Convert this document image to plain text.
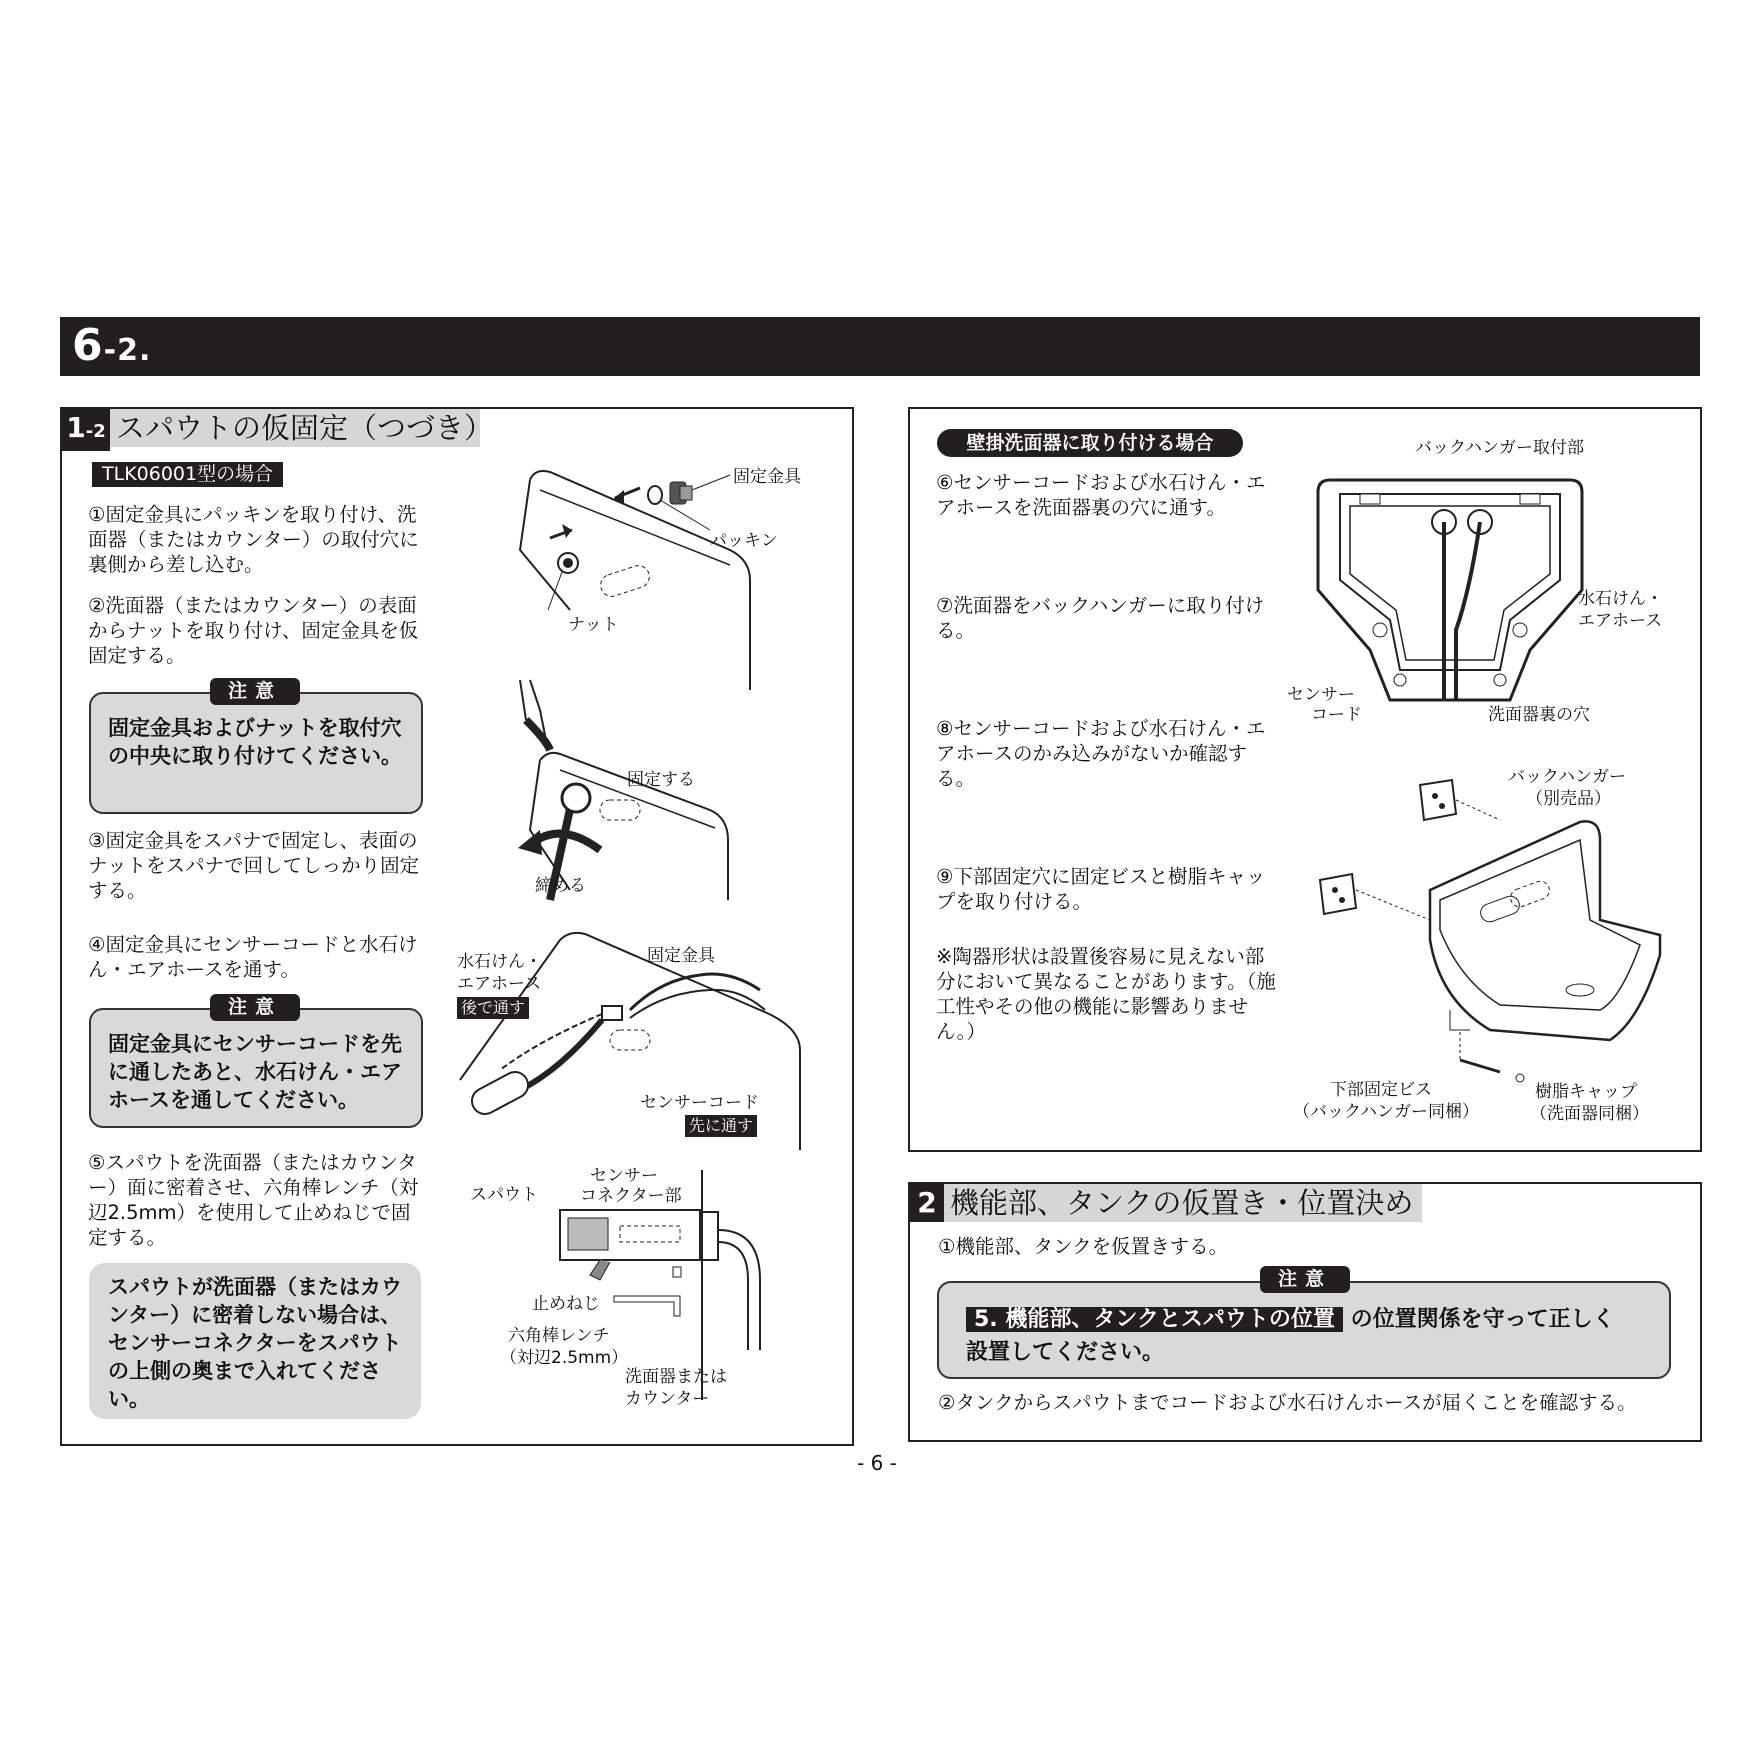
6-2.
1-2 スパウトの仮固定（つづき）
TLK06001型の場合
①固定金具にパッキンを取り付け、洗面器（またはカウンター）の取付穴に裏側から差し込む。
②洗面器（またはカウンター）の表面からナットを取り付け、固定金具を仮固定する。
注意
固定金具およびナットを取付穴の中央に取り付けてください。
③固定金具をスパナで固定し、表面のナットをスパナで回してしっかり固定する。
④固定金具にセンサーコードと水石けん・エアホースを通す。
注意
固定金具にセンサーコードを先に通したあと、水石けん・エアホースを通してください。
⑤スパウトを洗面器（またはカウンター）面に密着させ、六角棒レンチ（対辺2.5mm）を使用して止めねじで固定する。
スパウトが洗面器（またはカウンター）に密着しない場合は、センサーコネクターをスパウトの上側の奥まで入れてください。
固定金具
パッキン
ナット
固定する
締める
水石けん・
エアホース
後で通す
固定金具
センサーコード
先に通す
スパウト
センサー
コネクター部
止めねじ
六角棒レンチ
（対辺2.5mm）
洗面器または
カウンター
壁掛洗面器に取り付ける場合
⑥センサーコードおよび水石けん・エアホースを洗面器裏の穴に通す。
⑦洗面器をバックハンガーに取り付ける。
⑧センサーコードおよび水石けん・エアホースのかみ込みがないか確認する。
⑨下部固定穴に固定ビスと樹脂キャップを取り付ける。
※陶器形状は設置後容易に見えない部分において異なることがあります。（施工性やその他の機能に影響ありません。）
バックハンガー取付部
水石けん・
エアホース
センサー
コード	洗面器裏の穴
バックハンガー
（別売品）
下部固定ビス
（バックハンガー同梱）
樹脂キャップ
（洗面器同梱）
2 機能部、タンクの仮置き・位置決め
①機能部、タンクを仮置きする。
注意
5. 機能部、タンクとスパウトの位置 の位置関係を守って正しく
設置してください。
②タンクからスパウトまでコードおよび水石けんホースが届くことを確認する。
- 6 -
